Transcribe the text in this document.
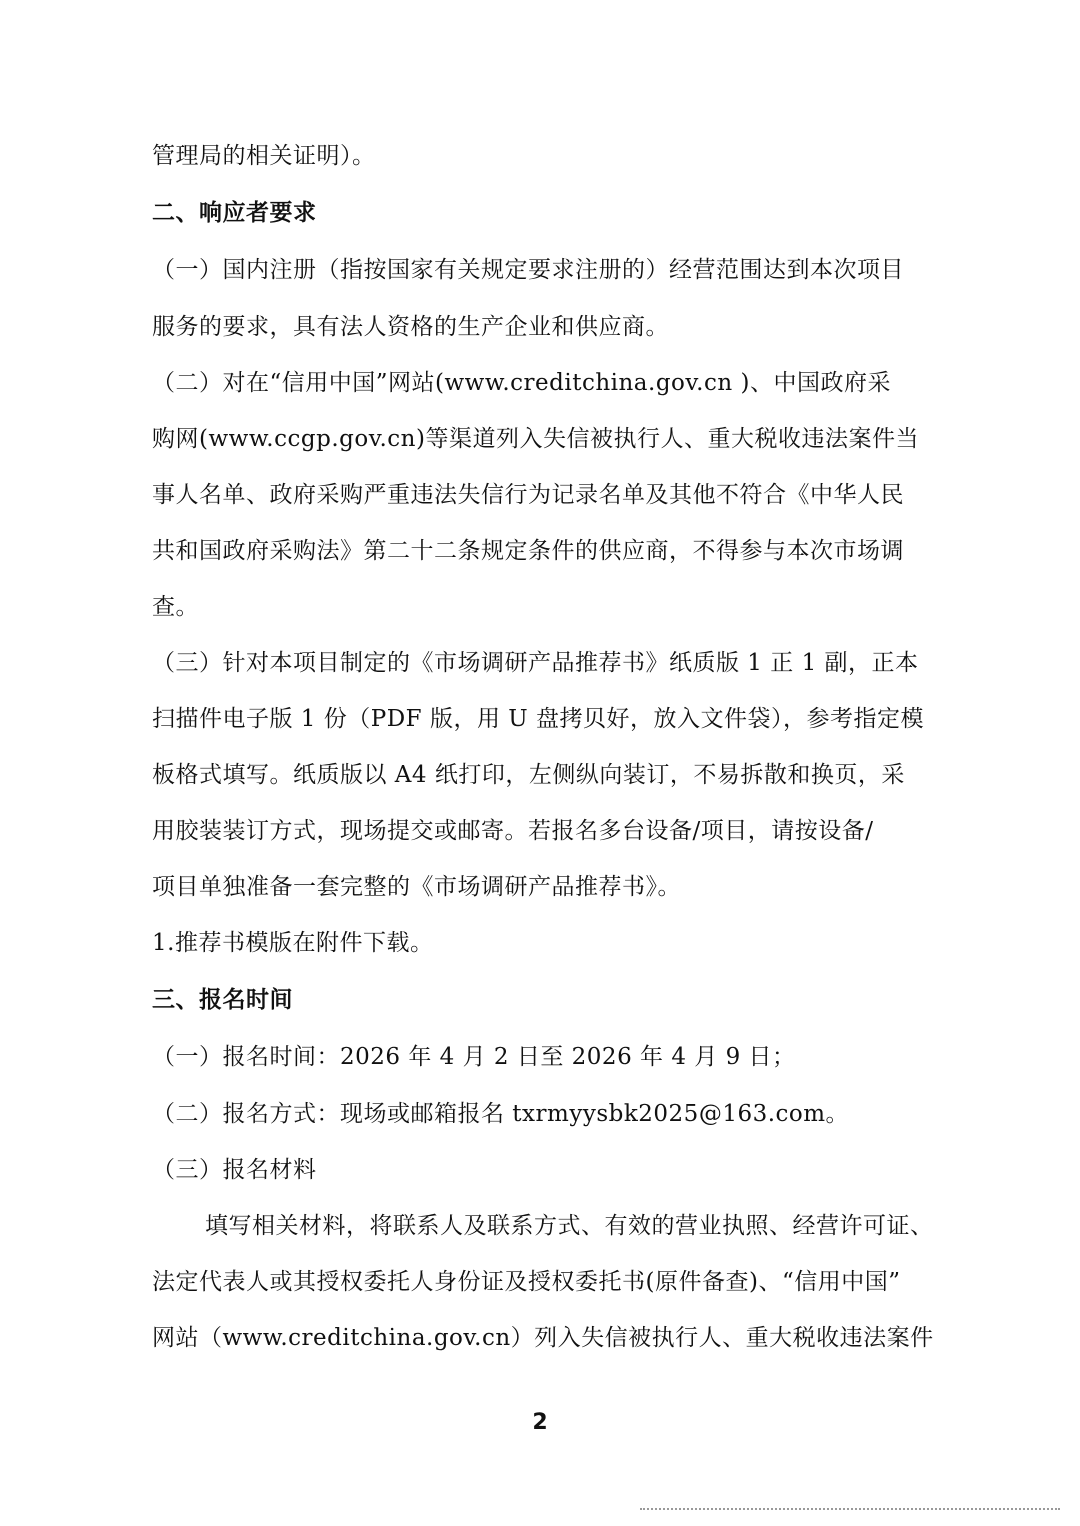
管理局的相关证明）。
二、响应者要求
（一）国内注册（指按国家有关规定要求注册的）经营范围达到本次项目
服务的要求，具有法人资格的生产企业和供应商。
（二）对在“信用中国”网站(www.creditchina.gov.cn )、中国政府采
购网(www.ccgp.gov.cn)等渠道列入失信被执行人、重大税收违法案件当
事人名单、政府采购严重违法失信行为记录名单及其他不符合《中华人民
共和国政府采购法》第二十二条规定条件的供应商，不得参与本次市场调
查。
（三）针对本项目制定的《市场调研产品推荐书》纸质版 1 正 1 副，正本
扫描件电子版 1 份（PDF 版，用 U 盘拷贝好，放入文件袋），参考指定模
板格式填写。纸质版以 A4 纸打印，左侧纵向装订，不易拆散和换页，采
用胶装装订方式，现场提交或邮寄。若报名多台设备/项目，请按设备/
项目单独准备一套完整的《市场调研产品推荐书》。
1.推荐书模版在附件下载。
三、报名时间
（一）报名时间：2026 年 4 月 2 日至 2026 年 4 月 9 日；
（二）报名方式：现场或邮箱报名 txrmyysbk2025@163.com。
（三）报名材料
填写相关材料，将联系人及联系方式、有效的营业执照、经营许可证、
法定代表人或其授权委托人身份证及授权委托书(原件备查)、“信用中国”
网站（www.creditchina.gov.cn）列入失信被执行人、重大税收违法案件
2
